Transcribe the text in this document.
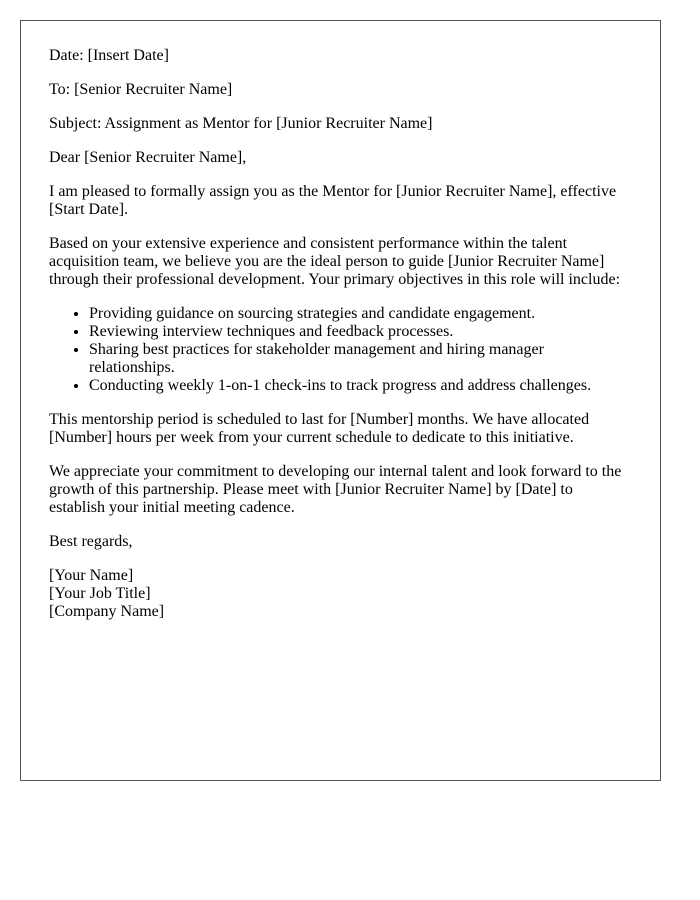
Date: [Insert Date]

To: [Senior Recruiter Name]

Subject: Assignment as Mentor for [Junior Recruiter Name]

Dear [Senior Recruiter Name],

I am pleased to formally assign you as the Mentor for [Junior Recruiter Name], effective [Start Date].

Based on your extensive experience and consistent performance within the talent acquisition team, we believe you are the ideal person to guide [Junior Recruiter Name] through their professional development. Your primary objectives in this role will include:

• Providing guidance on sourcing strategies and candidate engagement.
• Reviewing interview techniques and feedback processes.
• Sharing best practices for stakeholder management and hiring manager relationships.
• Conducting weekly 1-on-1 check-ins to track progress and address challenges.

This mentorship period is scheduled to last for [Number] months. We have allocated [Number] hours per week from your current schedule to dedicate to this initiative.

We appreciate your commitment to developing our internal talent and look forward to the growth of this partnership. Please meet with [Junior Recruiter Name] by [Date] to establish your initial meeting cadence.

Best regards,

[Your Name]
[Your Job Title]
[Company Name]
